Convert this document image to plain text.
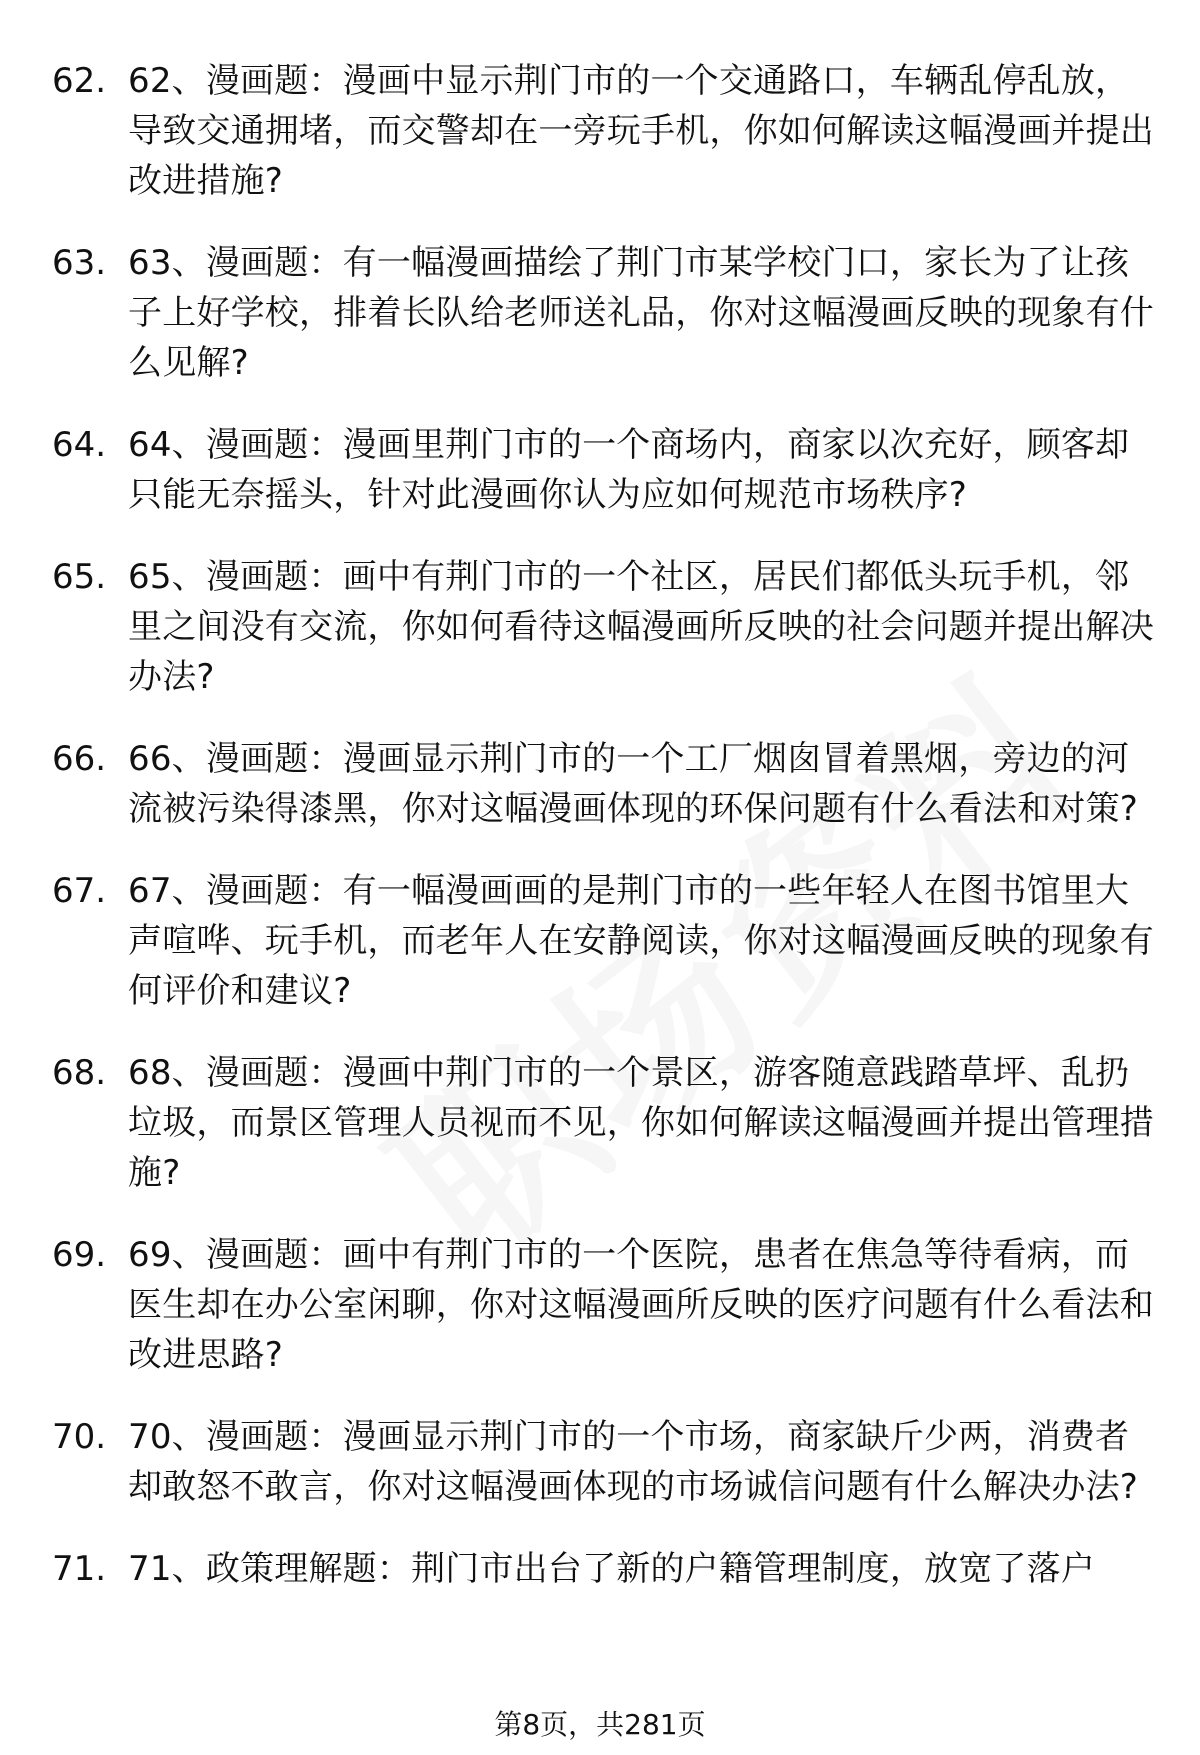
62. 62、漫画题：漫画中显示荆门市的一个交通路口，车辆乱停乱放，导致交通拥堵，而交警却在一旁玩手机，你如何解读这幅漫画并提出改进措施?
63. 63、漫画题：有一幅漫画描绘了荆门市某学校门口，家长为了让孩子上好学校，排着长队给老师送礼品，你对这幅漫画反映的现象有什么见解?
64. 64、漫画题：漫画里荆门市的一个商场内，商家以次充好，顾客却只能无奈摇头，针对此漫画你认为应如何规范市场秩序?
65. 65、漫画题：画中有荆门市的一个社区，居民们都低头玩手机，邻里之间没有交流，你如何看待这幅漫画所反映的社会问题并提出解决办法?
66. 66、漫画题：漫画显示荆门市的一个工厂烟囱冒着黑烟，旁边的河流被污染得漆黑，你对这幅漫画体现的环保问题有什么看法和对策?
67. 67、漫画题：有一幅漫画画的是荆门市的一些年轻人在图书馆里大声喧哗、玩手机，而老年人在安静阅读，你对这幅漫画反映的现象有何评价和建议?
68. 68、漫画题：漫画中荆门市的一个景区，游客随意践踏草坪、乱扔垃圾，而景区管理人员视而不见，你如何解读这幅漫画并提出管理措施?
69. 69、漫画题：画中有荆门市的一个医院，患者在焦急等待看病，而医生却在办公室闲聊，你对这幅漫画所反映的医疗问题有什么看法和改进思路?
70. 70、漫画题：漫画显示荆门市的一个市场，商家缺斤少两，消费者却敢怒不敢言，你对这幅漫画体现的市场诚信问题有什么解决办法?
71. 71、政策理解题：荆门市出台了新的户籍管理制度，放宽了落户
第8页，共281页
